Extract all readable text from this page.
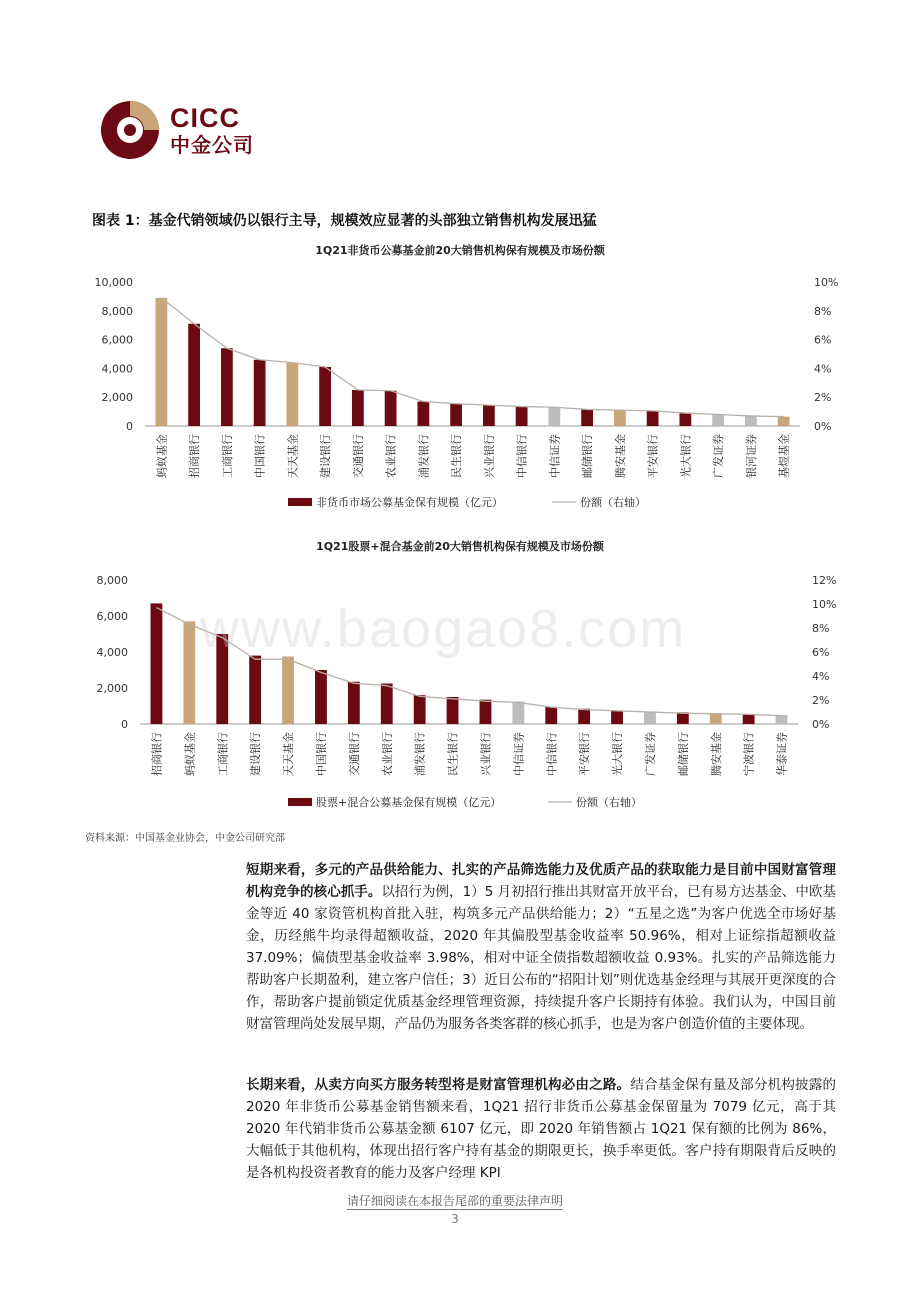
CICC
中金公司
图表 1：基金代销领域仍以银行主导，规模效应显著的头部独立销售机构发展迅猛
1Q21非货币公募基金前20大销售机构保有规模及市场份额
0
2,000
4,000
6,000
8,000
10,000
0%
2%
4%
6%
8%
10%
蚂蚁基金 招商银行 工商银行 中国银行 天天基金 建设银行 交通银行 农业银行 浦发银行 民生银行 兴业银行 中信银行 中信证券 邮储银行 腾安基金 平安银行 光大银行 广发证券 银河证券 基煜基金
非货币市场公募基金保有规模（亿元）	份额（右轴）
1Q21股票+混合基金前20大销售机构保有规模及市场份额
0
2,000
4,000
6,000
8,000
0%
2%
4%
6%
8%
10%
12%
招商银行 蚂蚁基金 工商银行 建设银行 天天基金 中国银行 交通银行 农业银行 浦发银行 民生银行 兴业银行 中信证券 中信银行 平安银行 光大银行 广发证券 邮储银行 腾安基金 宁波银行 华泰证券
股票+混合公募基金保有规模（亿元）	份额（右轴）
www.baogao8.com
资料来源：中国基金业协会，中金公司研究部
短期来看，多元的产品供给能力、扎实的产品筛选能力及优质产品的获取能力是目前中国财富管理机构竞争的核心抓手。以招行为例，1）5 月初招行推出其财富开放平台，已有易方达基金、中欧基金等近 40 家资管机构首批入驻，构筑多元产品供给能力；2）“五星之选”为客户优选全市场好基金，历经熊牛均录得超额收益，2020 年其偏股型基金收益率 50.96%，相对上证综指超额收益 37.09%；偏债型基金收益率 3.98%，相对中证全债指数超额收益 0.93%。扎实的产品筛选能力帮助客户长期盈利，建立客户信任；3）近日公布的“招阳计划”则优选基金经理与其展开更深度的合作，帮助客户提前锁定优质基金经理管理资源，持续提升客户长期持有体验。我们认为，中国目前财富管理尚处发展早期，产品仍为服务各类客群的核心抓手，也是为客户创造价值的主要体现。
长期来看，从卖方向买方服务转型将是财富管理机构必由之路。结合基金保有量及部分机构披露的 2020 年非货币公募基金销售额来看，1Q21 招行非货币公募基金保留量为 7079 亿元，高于其 2020 年代销非货币公募基金额 6107 亿元，即 2020 年销售额占 1Q21 保有额的比例为 86%，大幅低于其他机构，体现出招行客户持有基金的期限更长，换手率更低。客户持有期限背后反映的是各机构投资者教育的能力及客户经理 KPI
请仔细阅读在本报告尾部的重要法律声明
3
